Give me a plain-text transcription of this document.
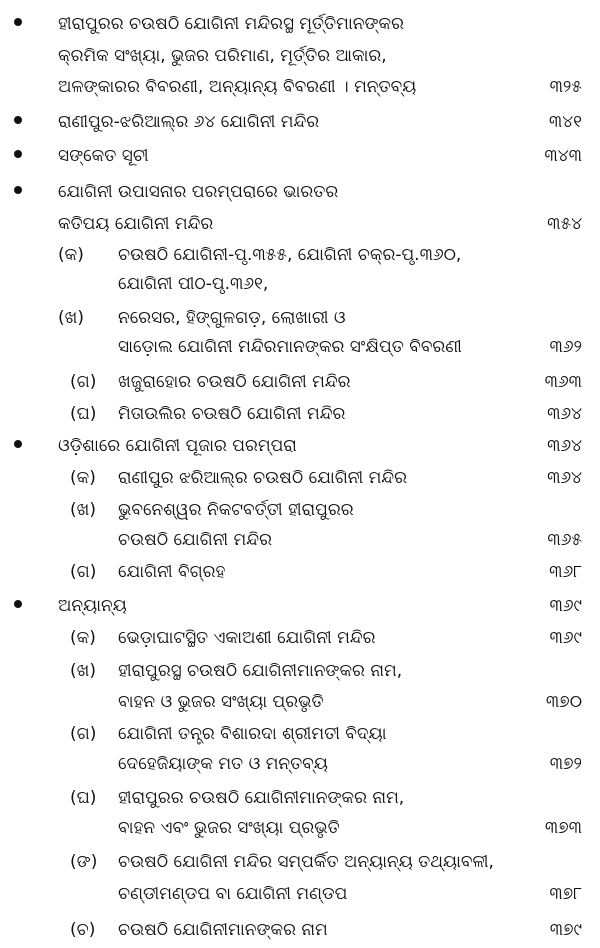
ହୀରାପୁରର ଚଉଷଠି ଯୋଗିନୀ ମନ୍ଦିରସ୍ଥ ମୂର୍ତ୍ତିମାନଙ୍କର
କ୍ରମିକ ସଂଖ୍ୟା, ଭୁଜର ପରିମାଣ, ମୂର୍ତ୍ତିର ଆକାର,
ଅଳଙ୍କାରର ବିବରଣୀ, ଅନ୍ୟାନ୍ୟ ବିବରଣୀ । ମନ୍ତବ୍ୟ	୩୨୫
ରାଣୀପୁର-ଝରିଆଲ୍‌ର ୬୪ ଯୋଗିନୀ ମନ୍ଦିର	୩୪୧
ସଙ୍କେତ ସୂଚୀ	୩୪୩
ଯୋଗିନୀ ଉପାସନାର ପରମ୍ପରାରେ ଭାରତର
କତିପୟ ଯୋଗିନୀ ମନ୍ଦିର	୩୫୪
(କ) ଚଉଷଠି ଯୋଗିନୀ-ପୃ.୩୫୫, ଯୋଗିନୀ ଚକ୍ର-ପୃ.୩୬୦,
ଯୋଗିନୀ ପୀଠ-ପୃ.୩୬୧,
(ଖ) ନରେସର, ହିଙ୍ଗୁଳଗଡ଼, ଲୋଖାରୀ ଓ
ସାଡ଼ୋଲ ଯୋଗିନୀ ମନ୍ଦିରମାନଙ୍କର ସଂକ୍ଷିପ୍ତ ବିବରଣୀ	୩୬୨
(ଗ) ଖଜୁରାହୋର ଚଉଷଠି ଯୋଗିନୀ ମନ୍ଦିର	୩୬୩
(ଘ) ମିତାଉଲିର ଚଉଷଠି ଯୋଗିନୀ ମନ୍ଦିର	୩୬୪
ଓଡ଼ିଶାରେ ଯୋଗିନୀ ପୂଜାର ପରମ୍ପରା	୩୬୪
(କ) ରାଣୀପୁର ଝରିଆଲ୍‌ର ଚଉଷଠି ଯୋଗିନୀ ମନ୍ଦିର	୩୬୪
(ଖ) ଭୁବନେଶ୍ୱର ନିକଟବର୍ତ୍ତୀ ହୀରାପୁରର
ଚଉଷଠି ଯୋଗିନୀ ମନ୍ଦିର	୩୬୫
(ଗ) ଯୋଗିନୀ ବିଗ୍ରହ	୩୬୮
ଅନ୍ୟାନ୍ୟ	୩୬୯
(କ) ଭେଡ଼ାଘାଟସ୍ଥିତ ଏକାଅଶୀ ଯୋଗିନୀ ମନ୍ଦିର	୩୬୯
(ଖ) ହୀରାପୁରସ୍ଥ ଚଉଷଠି ଯୋଗିନୀମାନଙ୍କର ନାମ,
ବାହନ ଓ ଭୁଜର ସଂଖ୍ୟା ପ୍ରଭୃତି	୩୭୦
(ଗ) ଯୋଗିନୀ ତନ୍ତ୍ର ବିଶାରଦା ଶ୍ରୀମତୀ ବିଦ୍ୟା
ଦେହେଜିୟାଙ୍କ ମତ ଓ ମନ୍ତବ୍ୟ	୩୭୨
(ଘ) ହୀରାପୁରର ଚଉଷଠି ଯୋଗିନୀମାନଙ୍କର ନାମ,
ବାହନ ଏବଂ ଭୁଜର ସଂଖ୍ୟା ପ୍ରଭୃତି	୩୭୩
(ଙ) ଚଉଷଠି ଯୋଗିନୀ ମନ୍ଦିର ସମ୍ପର୍କିତ ଅନ୍ୟାନ୍ୟ ତଥ୍ୟାବଳୀ,
ଚଣ୍ଡୀମଣ୍ଡପ ବା ଯୋଗିନୀ ମଣ୍ଡପ	୩୭୮
(ଚ) ଚଉଷଠି ଯୋଗିନୀମାନଙ୍କର ନାମ	୩୭୯
